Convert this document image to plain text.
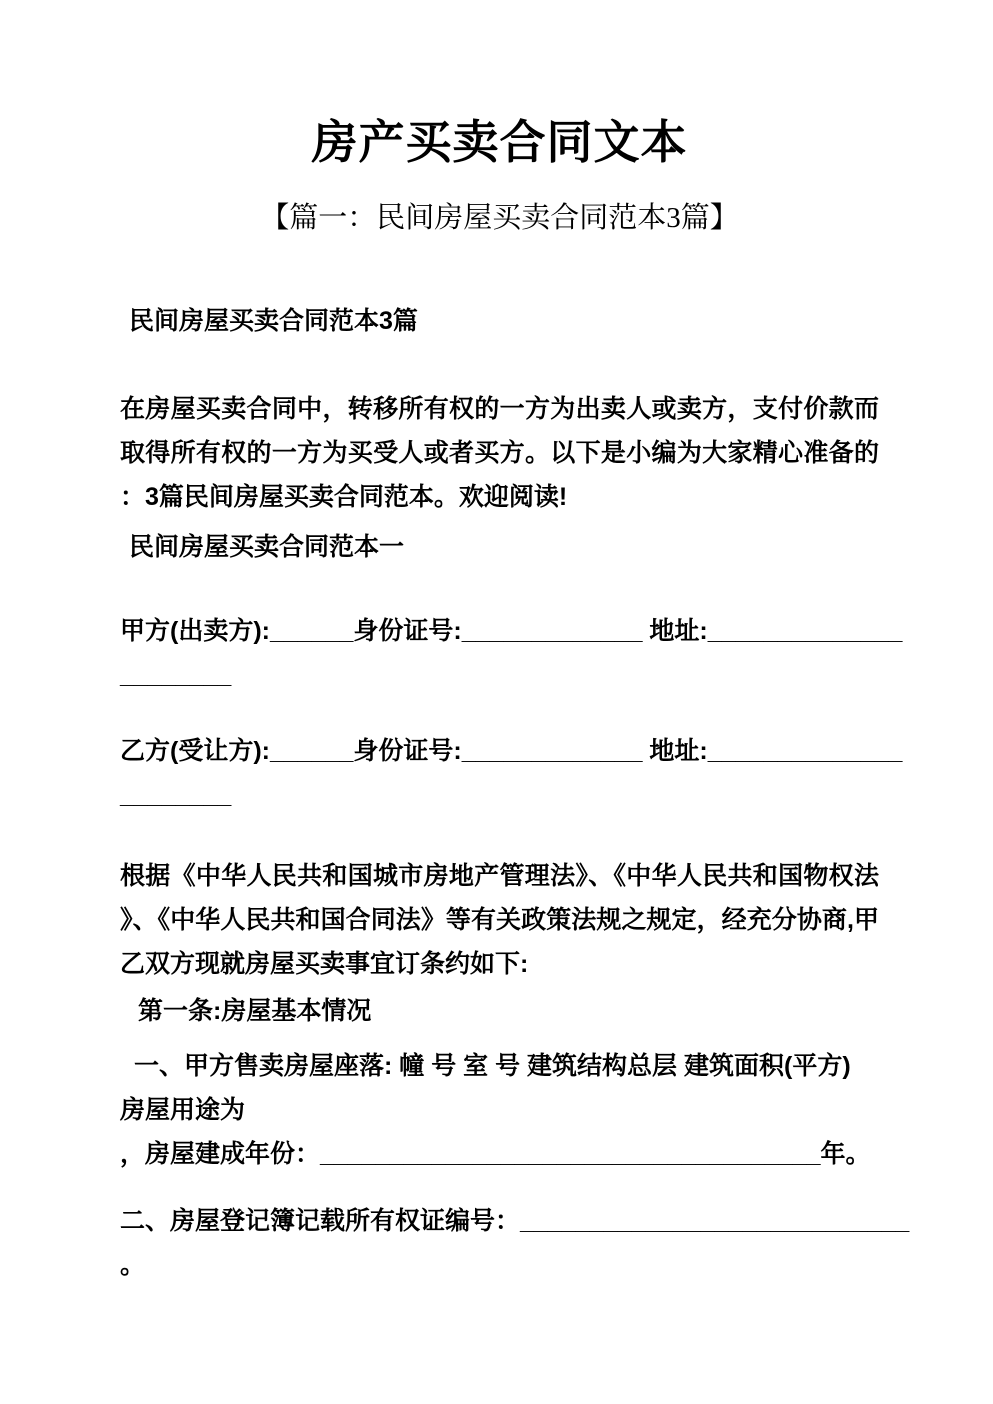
房产买卖合同文本
【篇一：民间房屋买卖合同范本3篇】

民间房屋买卖合同范本3篇

在房屋买卖合同中，转移所有权的一方为出卖人或卖方，支付价款而取得所有权的一方为买受人或者买方。以下是小编为大家精心准备的：3篇民间房屋买卖合同范本。欢迎阅读!

民间房屋买卖合同范本一

甲方(出卖方):______身份证号:_____________ 地址:______________
________
乙方(受让方):______身份证号:_____________ 地址:______________
________

根据《中华人民共和国城市房地产管理法》、《中华人民共和国物权法》、《中华人民共和国合同法》等有关政策法规之规定，经充分协商,甲乙双方现就房屋买卖事宜订条约如下:

第一条:房屋基本情况

一、甲方售卖房屋座落: 幢 号 室 号 建筑结构总层 建筑面积(平方)
房屋用途为
，房屋建成年份：____________________________________年。
二、房屋登记簿记载所有权证编号：____________________________
。
